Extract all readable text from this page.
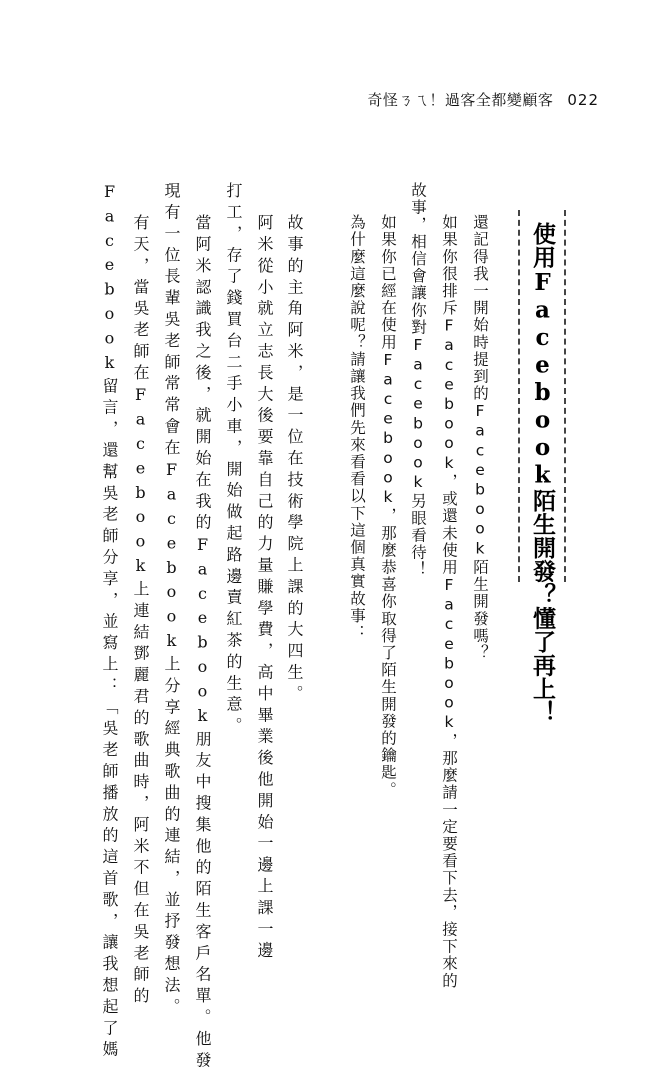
奇怪ㄋㄟ！過客全都變顧客 022
使用Facebook陌生開發？懂了再上！
還記得我一開始時提到的Facebook陌生開發嗎？
如果你很排斥Facebook，或還未使用Facebook，那麼請一定要看下去，接下來的
故事，相信會讓你對Facebook另眼看待！
如果你已經在使用Facebook，那麼恭喜你取得了陌生開發的鑰匙。
為什麼這麼說呢？請讓我們先來看看以下這個真實故事：
故事的主角阿米，是一位在技術學院上課的大四生。
阿米從小就立志長大後要靠自己的力量賺學費，高中畢業後他開始一邊上課一邊
打工，存了錢買台二手小車，開始做起路邊賣紅茶的生意。
當阿米認識我之後，就開始在我的Facebook朋友中搜集他的陌生客戶名單。他發
現有一位長輩吳老師常常會在Facebook上分享經典歌曲的連結，並抒發想法。
有天，當吳老師在Facebook上連結鄧麗君的歌曲時，阿米不但在吳老師的
Facebook留言，還幫吳老師分享，並寫上：「吳老師播放的這首歌，讓我想起了媽
